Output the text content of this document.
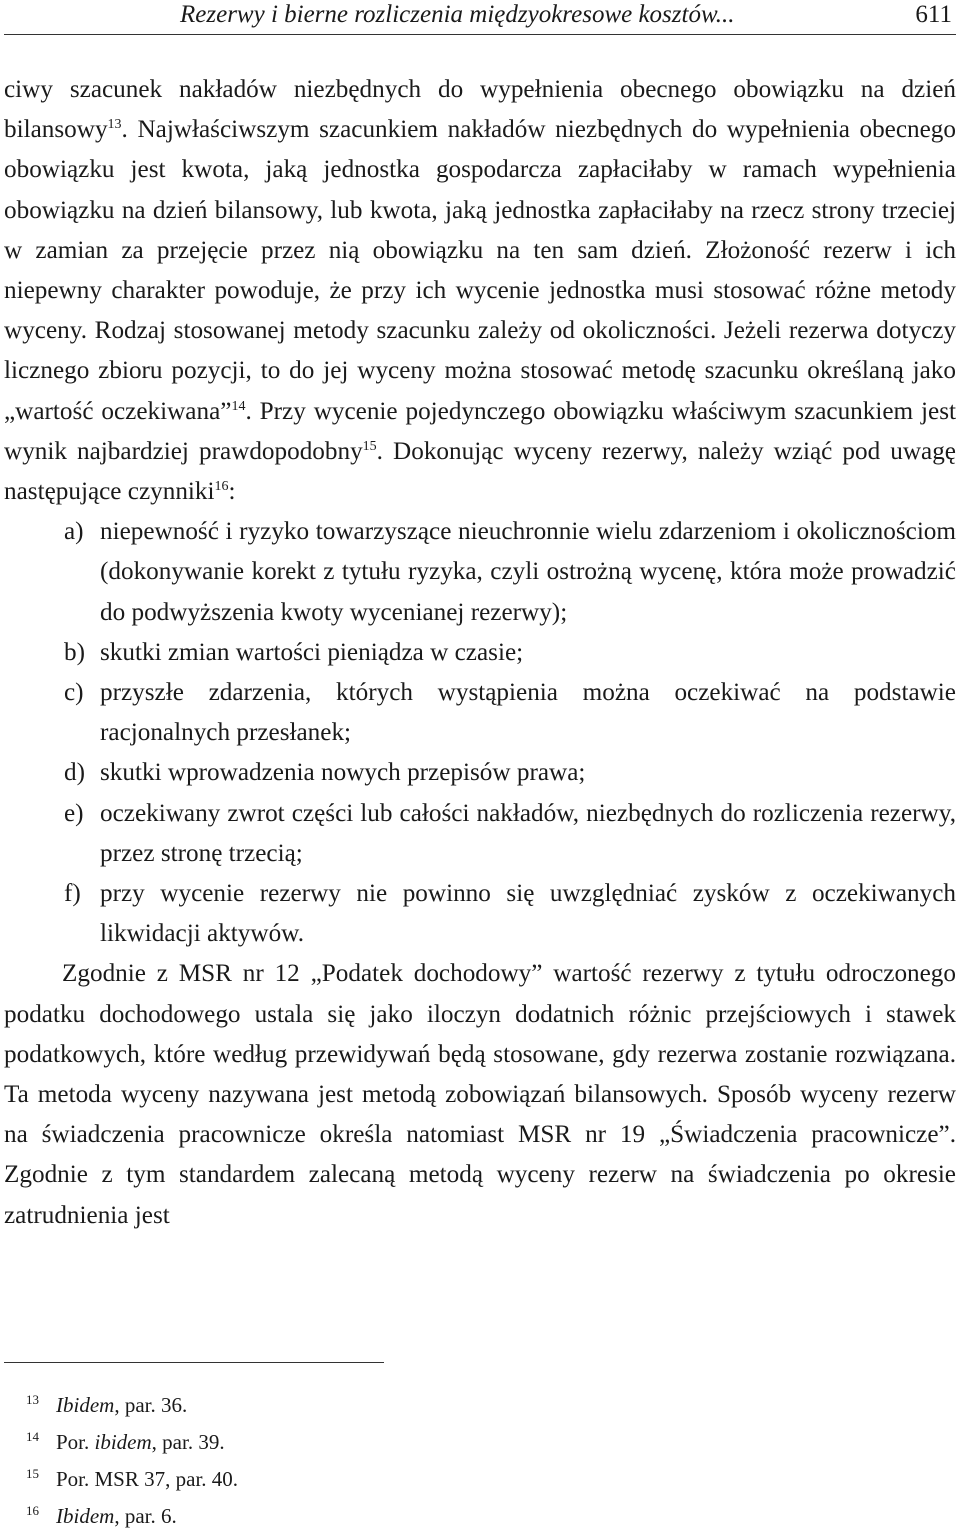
Rezerwy i bierne rozliczenia międzyokresowe kosztów...	611

ciwy szacunek nakładów niezbędnych do wypełnienia obecnego obowiązku na dzień bilansowy$^{13}$. Najwłaściwszym szacunkiem nakładów niezbędnych do wypełnienia obecnego obowiązku jest kwota, jaką jednostka gospodarcza zapłaciłaby w ramach wypełnienia obowiązku na dzień bilansowy, lub kwota, jaką jednostka zapłaciłaby na rzecz strony trzeciej w zamian za przejęcie przez nią obowiązku na ten sam dzień. Złożoność rezerw i ich niepewny charakter powoduje, że przy ich wycenie jednostka musi stosować różne metody wyceny. Rodzaj stosowanej metody szacunku zależy od okoliczności. Jeżeli rezerwa dotyczy licznego zbioru pozycji, to do jej wyceny można stosować metodę szacunku określaną jako „wartość oczekiwana”$^{14}$. Przy wycenie pojedynczego obowiązku właściwym szacunkiem jest wynik najbardziej prawdopodobny$^{15}$. Dokonując wyceny rezerwy, należy wziąć pod uwagę następujące czynniki$^{16}$:

a) niepewność i ryzyko towarzyszące nieuchronnie wielu zdarzeniom i okolicznościom (dokonywanie korekt z tytułu ryzyka, czyli ostrożną wycenę, która może prowadzić do podwyższenia kwoty wycenianej rezerwy);

b) skutki zmian wartości pieniądza w czasie;

c) przyszłe zdarzenia, których wystąpienia można oczekiwać na podstawie racjonalnych przesłanek;

d) skutki wprowadzenia nowych przepisów prawa;

e) oczekiwany zwrot części lub całości nakładów, niezbędnych do rozliczenia rezerwy, przez stronę trzecią;

f) przy wycenie rezerwy nie powinno się uwzględniać zysków z oczekiwanych likwidacji aktywów.

Zgodnie z MSR nr 12 „Podatek dochodowy” wartość rezerwy z tytułu odroczonego podatku dochodowego ustala się jako iloczyn dodatnich różnic przejściowych i stawek podatkowych, które według przewidywań będą stosowane, gdy rezerwa zostanie rozwiązana. Ta metoda wyceny nazywana jest metodą zobowiązań bilansowych. Sposób wyceny rezerw na świadczenia pracownicze określa natomiast MSR nr 19 „Świadczenia pracownicze”. Zgodnie z tym standardem zalecaną metodą wyceny rezerw na świadczenia po okresie zatrudnienia jest

$^{13}$ Ibidem, par. 36.
$^{14}$ Por. ibidem, par. 39.
$^{15}$ Por. MSR 37, par. 40.
$^{16}$ Ibidem, par. 6.
